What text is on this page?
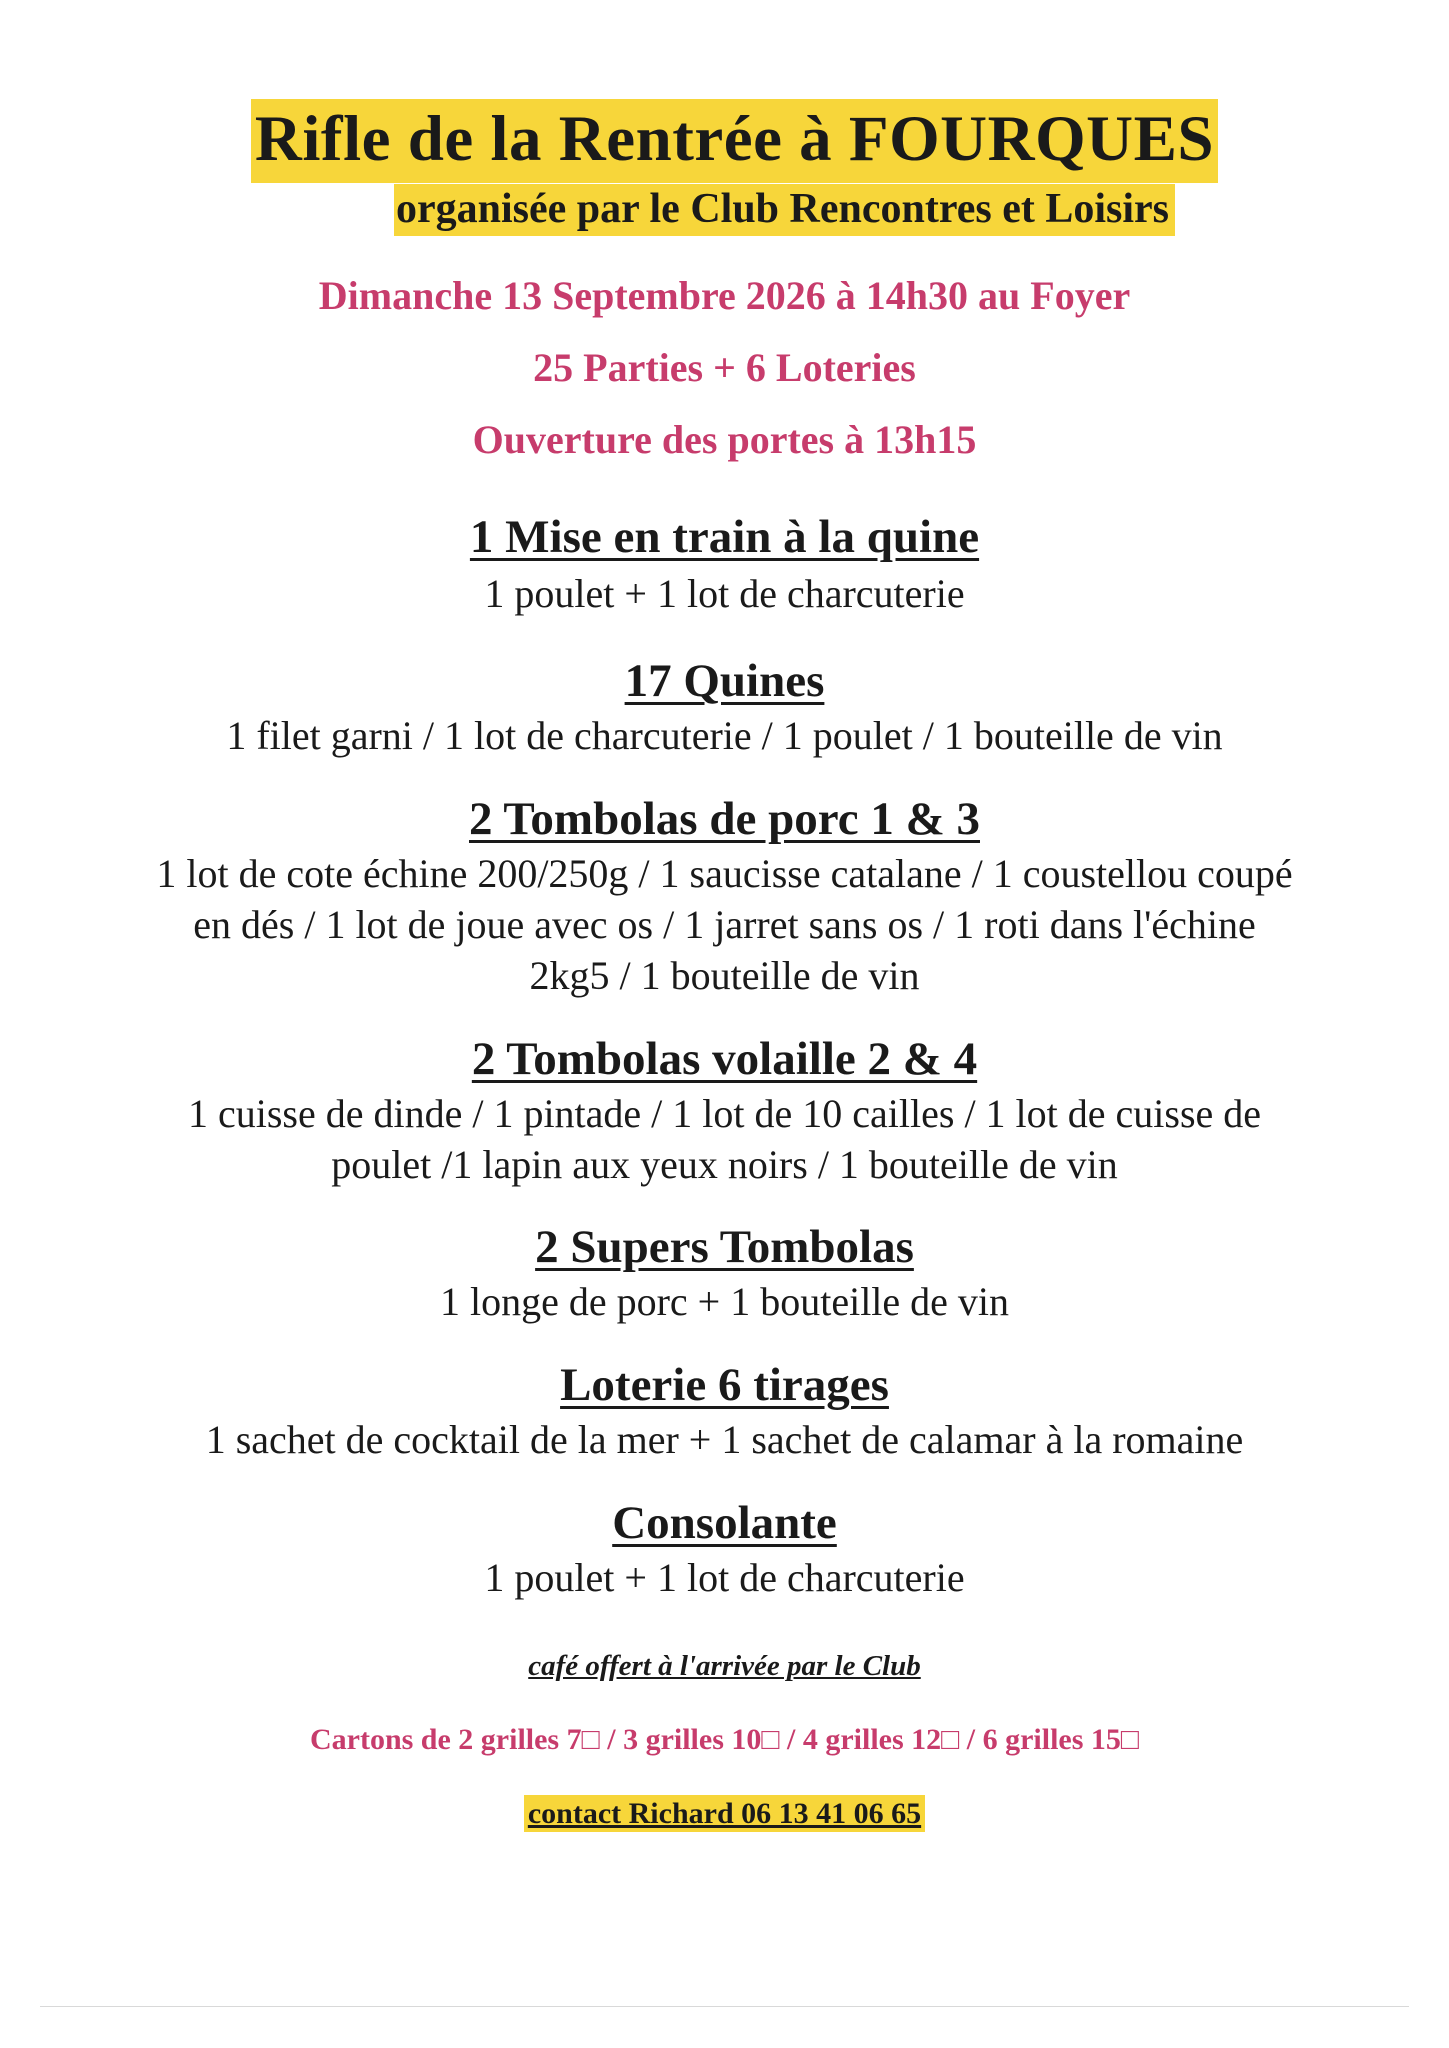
Rifle de la Rentrée à FOURQUES
organisée par le Club Rencontres et Loisirs
Dimanche 13 Septembre 2026 à 14h30 au Foyer
25 Parties + 6 Loteries
Ouverture des portes à 13h15
1 Mise en train à la quine
1 poulet + 1 lot de charcuterie
17 Quines
1 filet garni / 1 lot de charcuterie / 1 poulet / 1 bouteille de vin
2 Tombolas de porc 1 & 3
1 lot de cote échine 200/250g / 1 saucisse catalane / 1 coustellou coupé en dés / 1 lot de joue avec os / 1 jarret sans os / 1 roti dans l'échine 2kg5 / 1 bouteille de vin
2 Tombolas volaille 2 & 4
1 cuisse de dinde / 1 pintade / 1 lot de 10 cailles / 1 lot de cuisse de poulet /1 lapin aux yeux noirs / 1 bouteille de vin
2 Supers Tombolas
1 longe de porc + 1 bouteille de vin
Loterie 6 tirages
1 sachet de cocktail de la mer + 1 sachet de calamar à la romaine
Consolante
1 poulet + 1 lot de charcuterie
café offert à l'arrivée par le Club
Cartons de 2 grilles 7□ / 3 grilles 10□ / 4 grilles 12□ / 6 grilles 15□
contact Richard 06 13 41 06 65
